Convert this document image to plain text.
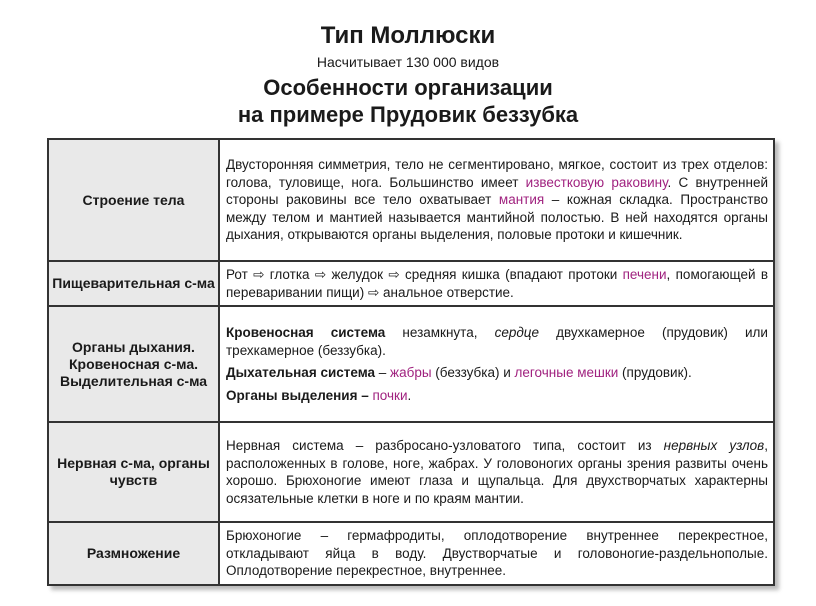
Тип Моллюски
Насчитывает 130 000 видов
Особенности организации
на примере Прудовик беззубка
Строение тела	Двусторонняя симметрия, тело не сегментировано, мягкое, состоит из трех отделов: голова, туловище, нога. Большинство имеет известковую раковину. С внутренней стороны раковины все тело охватывает мантия – кожная складка. Пространство между телом и мантией называется мантийной полостью. В ней находятся органы дыхания, открываются органы выделения, половые протоки и кишечник.
Пищеварительная с-ма	Рот ⇨ глотка ⇨ желудок ⇨ средняя кишка (впадают протоки печени, помогающей в переваривании пищи) ⇨ анальное отверстие.
Органы дыхания. Кровеносная с-ма. Выделительная с-ма	Кровеносная система незамкнута, сердце двухкамерное (прудовик) или трехкамерное (беззубка).
Дыхательная система – жабры (беззубка) и легочные мешки (прудовик).
Органы выделения – почки.

Нервная с-ма, органы чувств	Нервная система – разбросано-узловатого типа, состоит из нервных узлов, расположенных в голове, ноге, жабрах. У головоногих органы зрения развиты очень хорошо. Брюхоногие имеют глаза и щупальца. Для двухстворчатых характерны осязательные клетки в ноге и по краям мантии.
Размножение	Брюхоногие – гермафродиты, оплодотворение внутреннее перекрестное, откладывают яйца в воду. Двустворчатые и головоногие-раздельнополые. Оплодотворение перекрестное, внутреннее.
